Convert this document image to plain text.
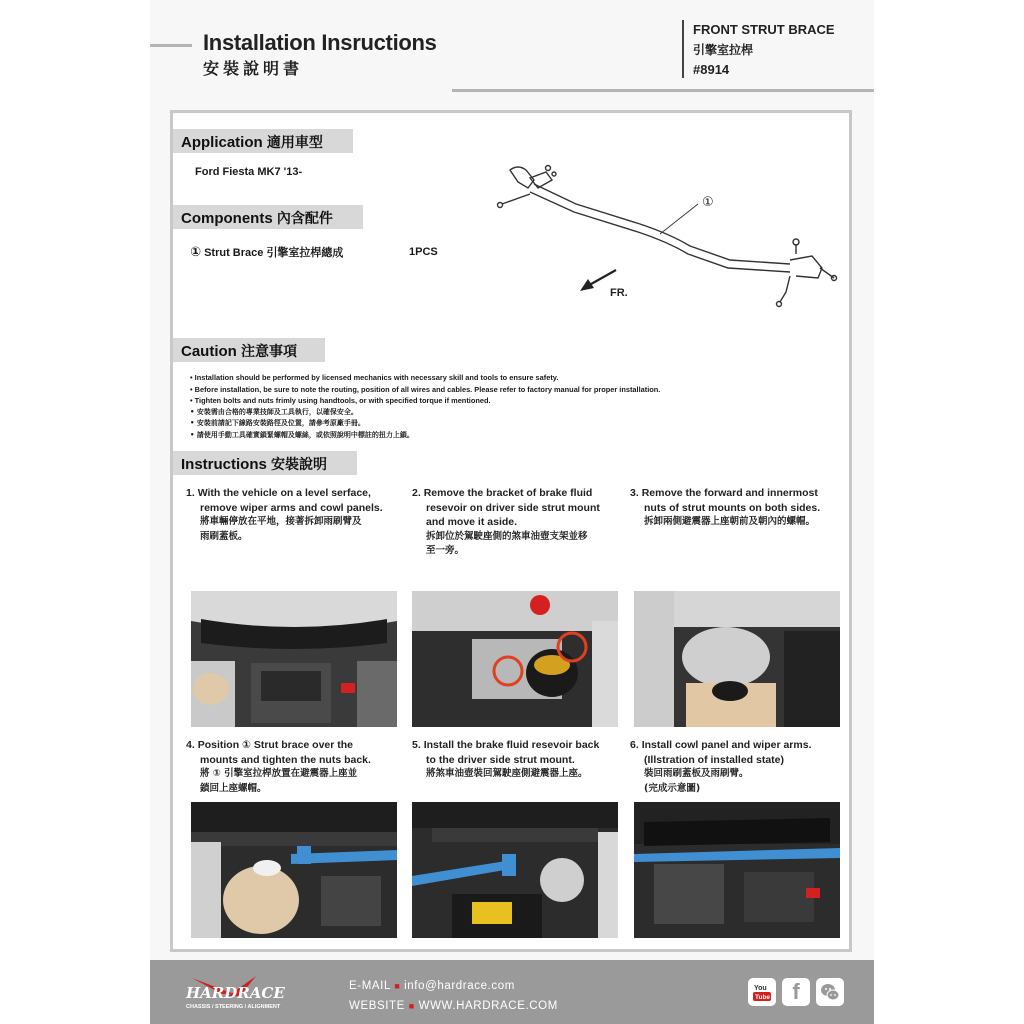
Installation Insructions
安裝說明書
FRONT STRUT BRACE
引擎室拉桿
#8914
Application 適用車型
Ford Fiesta MK7 '13-
Components 內含配件
① Strut Brace 引擎室拉桿總成	1PCS
①
FR.
Caution 注意事項
• Installation should be performed by licensed mechanics with necessary skill and tools to ensure safety.
• Before installation, be sure to note the routing, position of all wires and cables. Please refer to factory manual for proper installation.
• Tighten bolts and nuts frimly using handtools, or with specified torque if mentioned.
• 安裝需由合格的專業技師及工具執行，以確保安全。
• 安裝前請記下線路安裝路徑及位置，請參考原廠手冊。
• 請使用手動工具確實鎖緊螺帽及螺絲，或依照說明中標註的扭力上鎖。
Instructions 安裝說明
1. With the vehicle on a level serface,
remove wiper arms and cowl panels.
將車輛停放在平地，接著拆卸雨刷臂及
雨刷蓋板。
2. Remove the bracket of brake fluid
resevoir on driver side strut mount
and move it aside.
拆卸位於駕駛座側的煞車油壺支架並移
至一旁。
3. Remove the forward and innermost
nuts of strut mounts on both sides.
拆卸兩側避震器上座朝前及朝內的螺帽。
4. Position ① Strut brace over the
mounts and tighten the nuts back.
將 ① 引擎室拉桿放置在避震器上座並
鎖回上座螺帽。
5. Install the brake fluid resevoir back
to the driver side strut mount.
將煞車油壺裝回駕駛座側避震器上座。
6. Install cowl panel and wiper arms.
(Illstration of installed state)
裝回雨刷蓋板及雨刷臂。
(完成示意圖)
HARDRACE
CHASSIS / STEERING / ALIGNMENT
E-MAIL ■ info@hardrace.com
WEBSITE ■ WWW.HARDRACE.COM
You
Tube	f
